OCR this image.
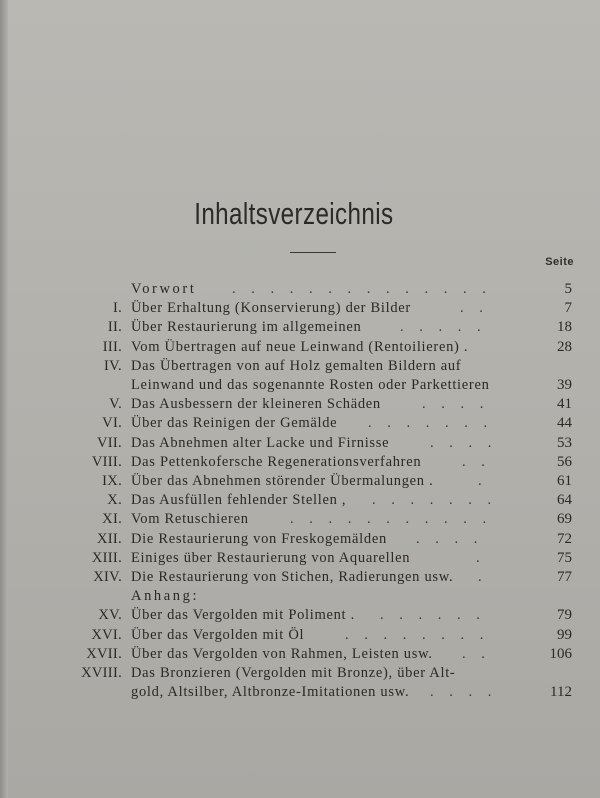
Inhaltsverzeichnis
Seite
Vorwort . . . . . . . . . . . . . .	5
I. Über Erhaltung (Konservierung) der Bilder	. .	7
II. Über Restaurierung im allgemeinen	. . . . .	18
III. Vom Übertragen auf neue Leinwand (Rentoilieren) .	28
IV. Das Übertragen von auf Holz gemalten Bildern auf
Leinwand und das sogenannte Rosten oder Parkettieren	39
V. Das Ausbessern der kleineren Schäden	. . . .	41
VI. Über das Reinigen der Gemälde . . . . . . .	44
VII. Das Abnehmen alter Lacke und Firnisse	. . . .	53
VIII. Das Pettenkofersche Regenerationsverfahren	. .	56
IX. Über das Abnehmen störender Übermalungen .	.	61
X. Das Ausfüllen fehlender Stellen , . . . . . . .	64
XI. Vom Retuschieren	. . . . . . . . . . .	69
XII. Die Restaurierung von Freskogemälden . . . .	72
XIII. Einiges über Restaurierung von Aquarellen	.	75
XIV. Die Restaurierung von Stichen, Radierungen usw. .	77
Anhang:
XV. Über das Vergolden mit Poliment . . . . . . .	79
XVI. Über das Vergolden mit Öl	. . . . . . . .	99
XVII. Über das Vergolden von Rahmen, Leisten usw. . .	106
XVIII. Das Bronzieren (Vergolden mit Bronze), über Alt-
gold, Altsilber, Altbronze-Imitationen usw. . . . .	112
